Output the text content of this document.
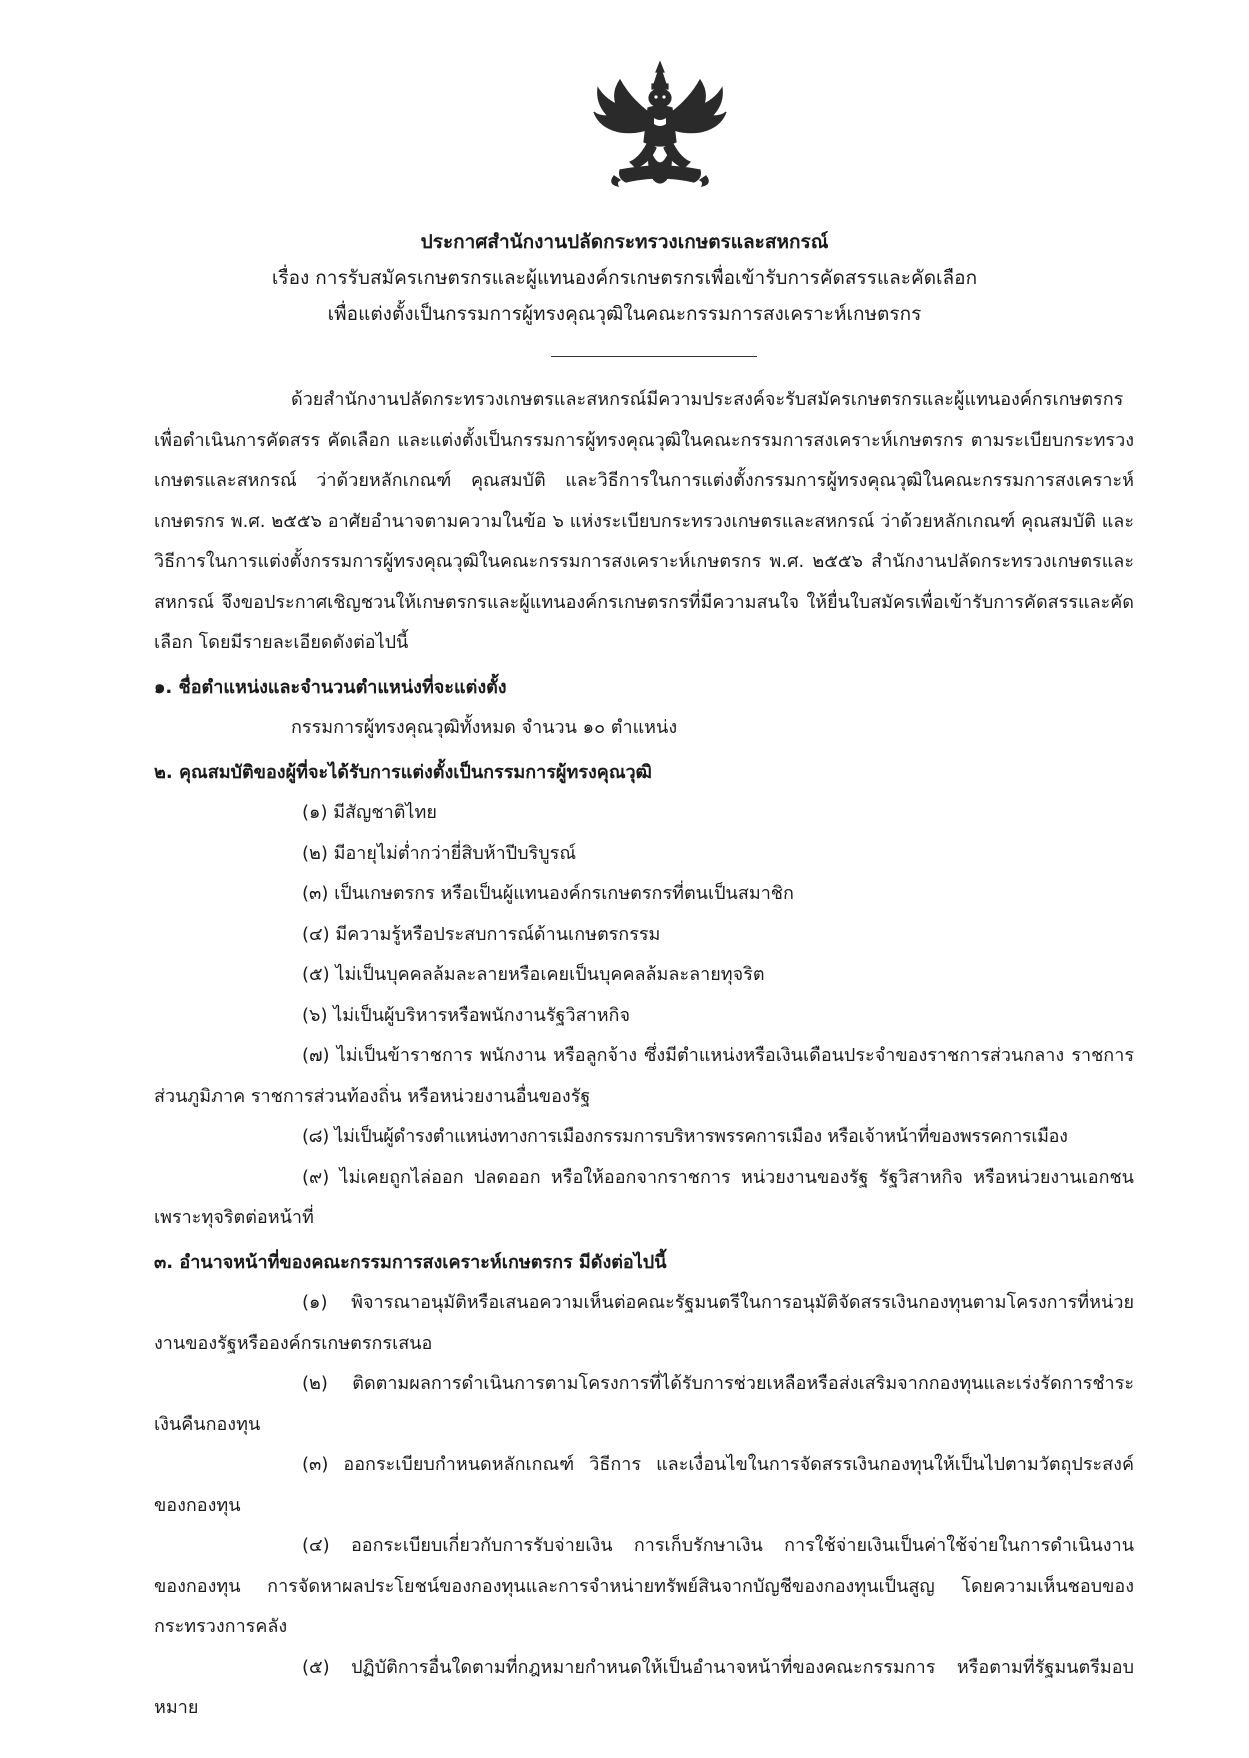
ประกาศสำนักงานปลัดกระทรวงเกษตรและสหกรณ์
เรื่อง การรับสมัครเกษตรกรและผู้แทนองค์กรเกษตรกรเพื่อเข้ารับการคัดสรรและคัดเลือก
เพื่อแต่งตั้งเป็นกรรมการผู้ทรงคุณวุฒิในคณะกรรมการสงเคราะห์เกษตรกร

ด้วยสำนักงานปลัดกระทรวงเกษตรและสหกรณ์มีความประสงค์จะรับสมัครเกษตรกรและผู้แทนองค์กรเกษตรกร เพื่อดำเนินการคัดสรร คัดเลือก และแต่งตั้งเป็นกรรมการผู้ทรงคุณวุฒิในคณะกรรมการสงเคราะห์เกษตรกร ตามระเบียบกระทรวงเกษตรและสหกรณ์ ว่าด้วยหลักเกณฑ์ คุณสมบัติ และวิธีการในการแต่งตั้งกรรมการผู้ทรงคุณวุฒิในคณะกรรมการสงเคราะห์เกษตรกร พ.ศ. ๒๕๕๖ อาศัยอำนาจตามความในข้อ ๖ แห่งระเบียบกระทรวงเกษตรและสหกรณ์ ว่าด้วยหลักเกณฑ์ คุณสมบัติ และวิธีการในการแต่งตั้งกรรมการผู้ทรงคุณวุฒิในคณะกรรมการสงเคราะห์เกษตรกร พ.ศ. ๒๕๕๖ สำนักงานปลัดกระทรวงเกษตรและสหกรณ์ จึงขอประกาศเชิญชวนให้เกษตรกรและผู้แทนองค์กรเกษตรกรที่มีความสนใจ ให้ยื่นใบสมัครเพื่อเข้ารับการคัดสรรและคัดเลือก โดยมีรายละเอียดดังต่อไปนี้

๑. ชื่อตำแหน่งและจำนวนตำแหน่งที่จะแต่งตั้ง

กรรมการผู้ทรงคุณวุฒิทั้งหมด จำนวน ๑๐ ตำแหน่ง

๒. คุณสมบัติของผู้ที่จะได้รับการแต่งตั้งเป็นกรรมการผู้ทรงคุณวุฒิ

(๑) มีสัญชาติไทย

(๒) มีอายุไม่ต่ำกว่ายี่สิบห้าปีบริบูรณ์

(๓) เป็นเกษตรกร หรือเป็นผู้แทนองค์กรเกษตรกรที่ตนเป็นสมาชิก

(๔) มีความรู้หรือประสบการณ์ด้านเกษตรกรรม

(๕) ไม่เป็นบุคคลล้มละลายหรือเคยเป็นบุคคลล้มละลายทุจริต

(๖) ไม่เป็นผู้บริหารหรือพนักงานรัฐวิสาหกิจ

(๗) ไม่เป็นข้าราชการ พนักงาน หรือลูกจ้าง ซึ่งมีตำแหน่งหรือเงินเดือนประจำของราชการส่วนกลาง ราชการส่วนภูมิภาค ราชการส่วนท้องถิ่น หรือหน่วยงานอื่นของรัฐ

(๘) ไม่เป็นผู้ดำรงตำแหน่งทางการเมืองกรรมการบริหารพรรคการเมือง หรือเจ้าหน้าที่ของพรรคการเมือง

(๙) ไม่เคยถูกไล่ออก ปลดออก หรือให้ออกจากราชการ หน่วยงานของรัฐ รัฐวิสาหกิจ หรือหน่วยงานเอกชน เพราะทุจริตต่อหน้าที่

๓. อำนาจหน้าที่ของคณะกรรมการสงเคราะห์เกษตรกร มีดังต่อไปนี้

(๑) พิจารณาอนุมัติหรือเสนอความเห็นต่อคณะรัฐมนตรีในการอนุมัติจัดสรรเงินกองทุนตามโครงการที่หน่วยงานของรัฐหรือองค์กรเกษตรกรเสนอ

(๒) ติดตามผลการดำเนินการตามโครงการที่ได้รับการช่วยเหลือหรือส่งเสริมจากกองทุนและเร่งรัดการชำระเงินคืนกองทุน

(๓) ออกระเบียบกำหนดหลักเกณฑ์ วิธีการ และเงื่อนไขในการจัดสรรเงินกองทุนให้เป็นไปตามวัตถุประสงค์ของกองทุน

(๔) ออกระเบียบเกี่ยวกับการรับจ่ายเงิน การเก็บรักษาเงิน การใช้จ่ายเงินเป็นค่าใช้จ่ายในการดำเนินงานของกองทุน การจัดหาผลประโยชน์ของกองทุนและการจำหน่ายทรัพย์สินจากบัญชีของกองทุนเป็นสูญ โดยความเห็นชอบของกระทรวงการคลัง

(๕) ปฏิบัติการอื่นใดตามที่กฎหมายกำหนดให้เป็นอำนาจหน้าที่ของคณะกรรมการ หรือตามที่รัฐมนตรีมอบหมาย
